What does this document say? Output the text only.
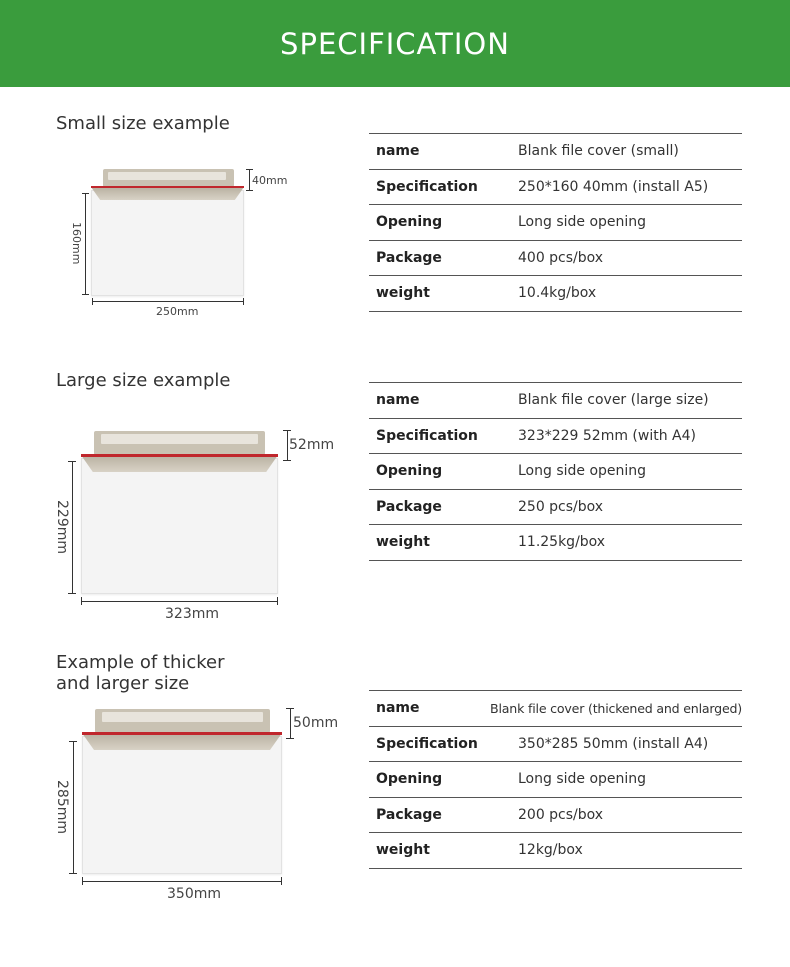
SPECIFICATION
Small size example
40mm
160mm
250mm
name	Blank file cover (small)
Specification	250*160 40mm (install A5)
Opening	Long side opening
Package	400 pcs/box
weight	10.4kg/box
Large size example
52mm
229mm
323mm
name	Blank file cover (large size)
Specification	323*229 52mm (with A4)
Opening	Long side opening
Package	250 pcs/box
weight	11.25kg/box
Example of thicker
and larger size
50mm
285mm
350mm
name	Blank file cover (thickened and enlarged)
Specification	350*285 50mm (install A4)
Opening	Long side opening
Package	200 pcs/box
weight	12kg/box
